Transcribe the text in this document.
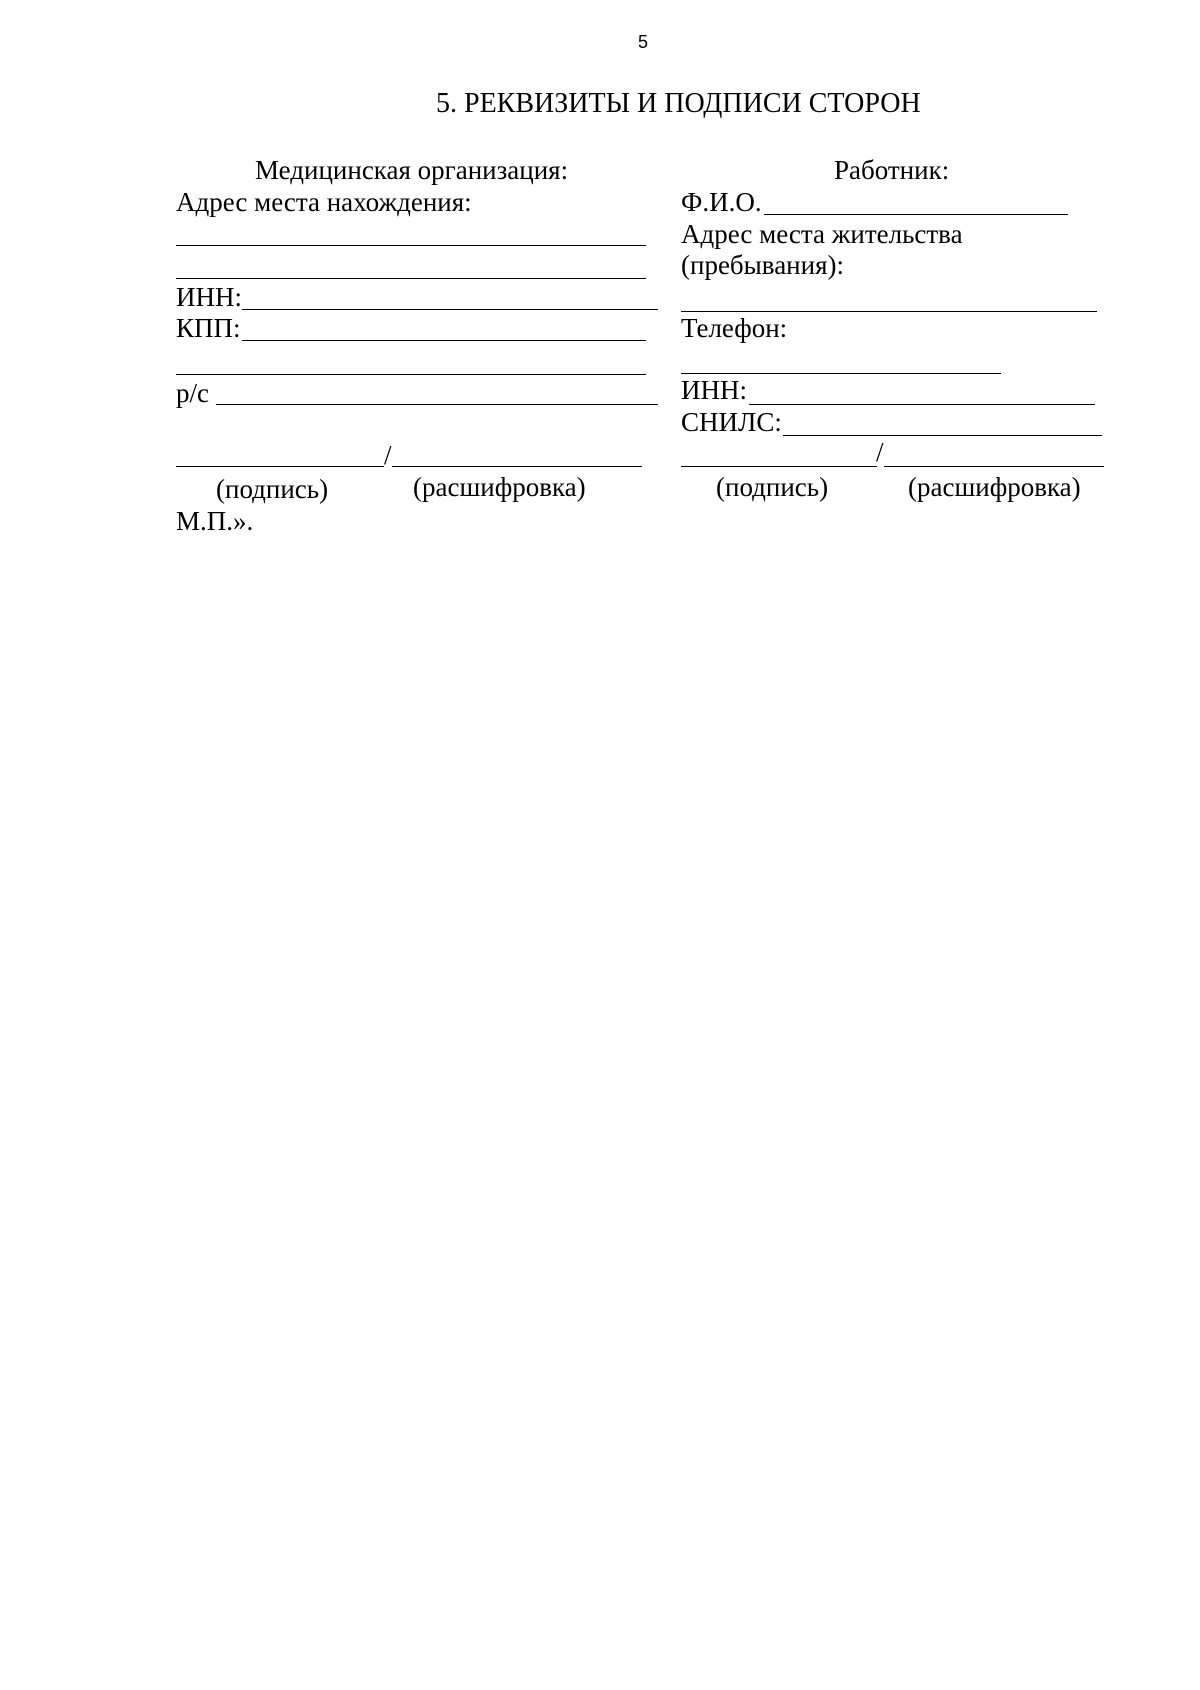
5
5. РЕКВИЗИТЫ И ПОДПИСИ СТОРОН
Медицинская организация:
Адрес места нахождения:
ИНН:
КПП:
р/с
/
(подпись)	(расшифровка)
М.П.».
Работник:
Ф.И.О.
Адрес места жительства
(пребывания):
Телефон:
ИНН:
СНИЛС:
/
(подпись)	(расшифровка)
